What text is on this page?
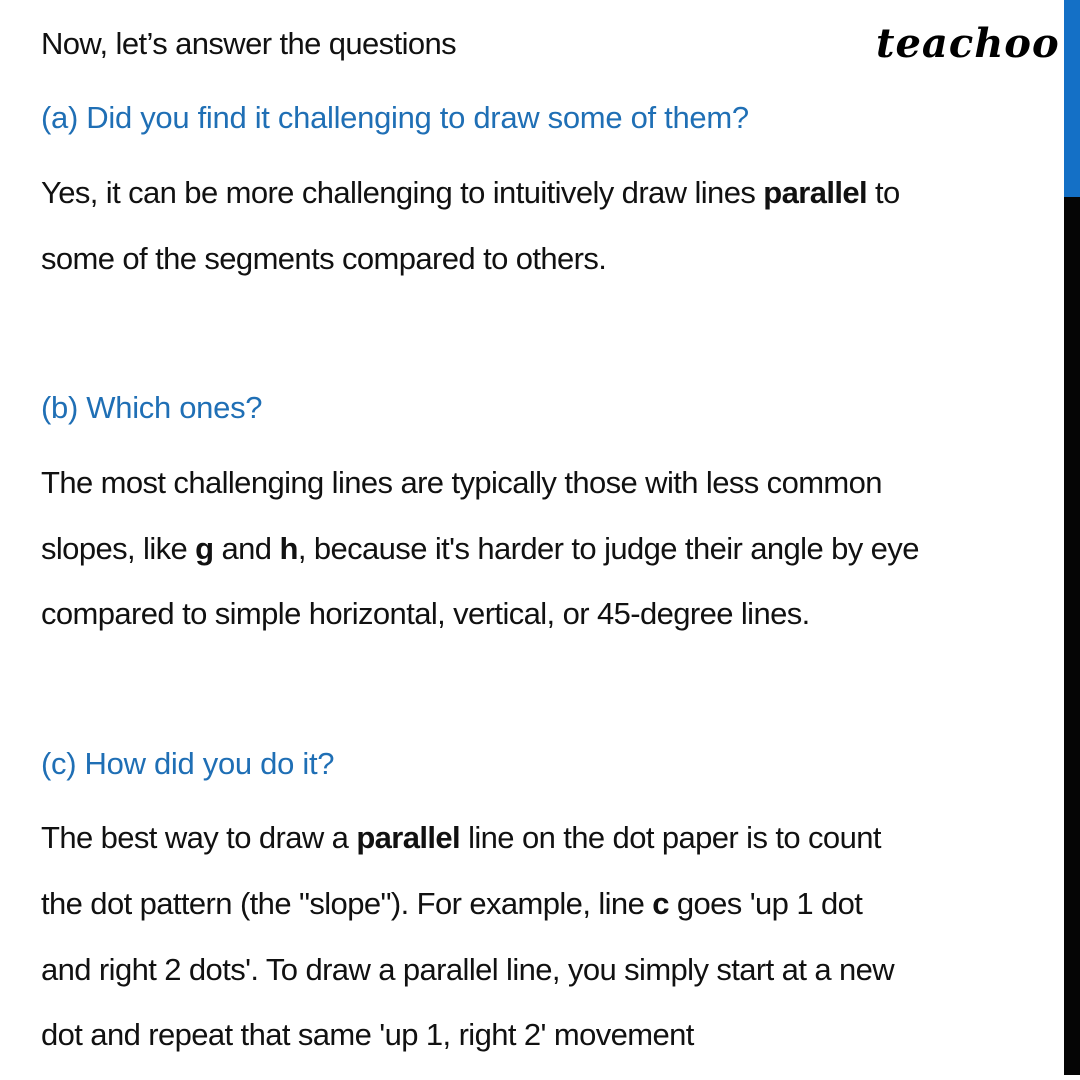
Now, let’s answer the questions	teachoo
(a) Did you find it challenging to draw some of them?
Yes, it can be more challenging to intuitively draw lines parallel to
some of the segments compared to others.
(b) Which ones?
The most challenging lines are typically those with less common
slopes, like g and h, because it's harder to judge their angle by eye
compared to simple horizontal, vertical, or 45-degree lines.
(c) How did you do it?
The best way to draw a parallel line on the dot paper is to count
the dot pattern (the "slope"). For example, line c goes 'up 1 dot
and right 2 dots'. To draw a parallel line, you simply start at a new
dot and repeat that same 'up 1, right 2' movement
